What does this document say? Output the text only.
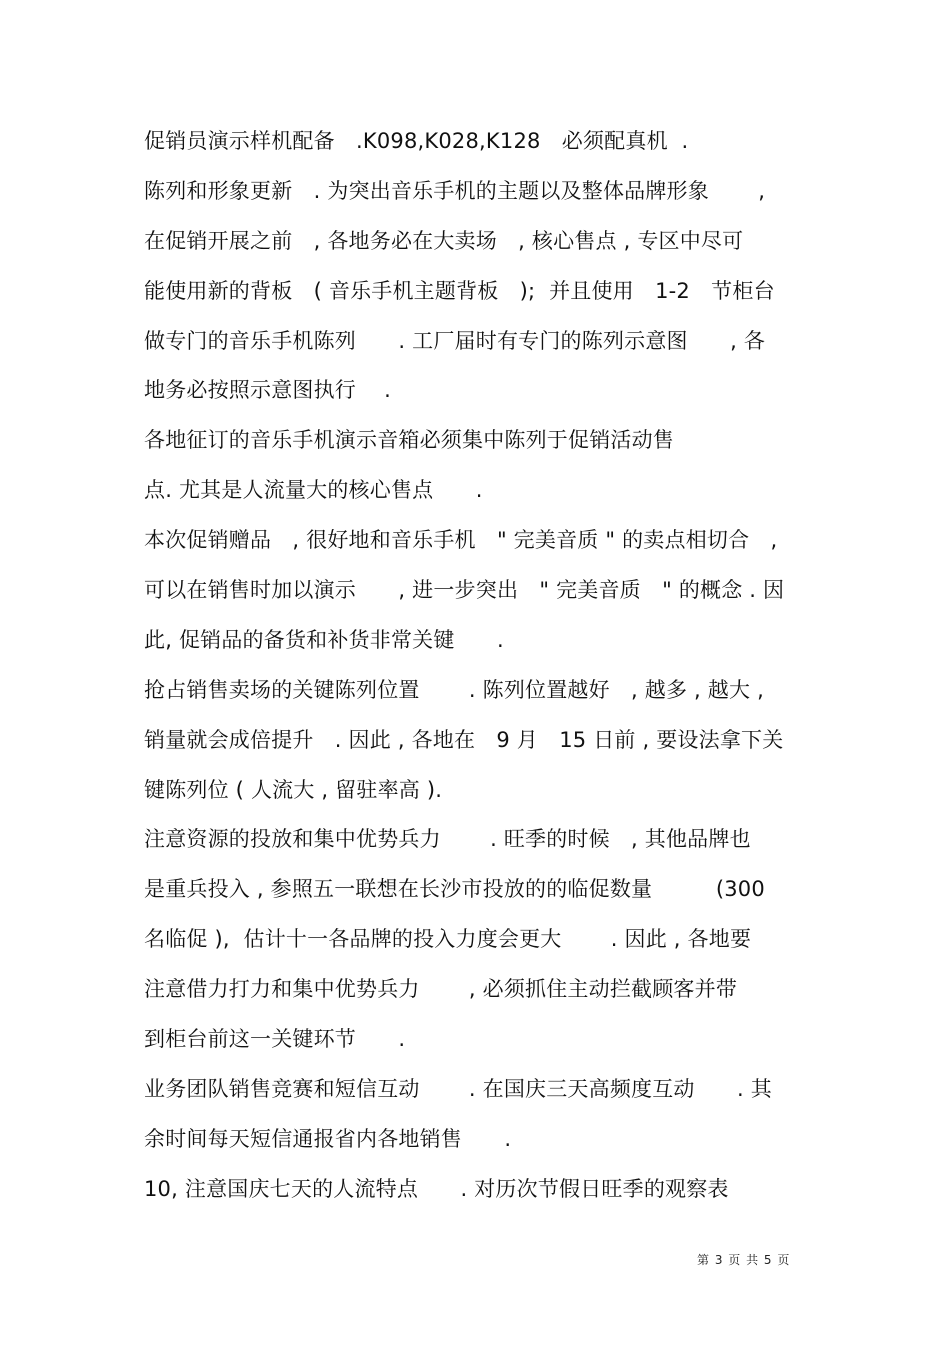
促销员演示样机配备　.K098,K028,K128　必须配真机  .
陈列和形象更新　. 为突出音乐手机的主题以及整体品牌形象　　 ,
在促销开展之前　, 各地务必在大卖场　, 核心售点 , 专区中尽可
能使用新的背板　( 音乐手机主题背板　);  并且使用　1-2　节柜台
做专门的音乐手机陈列　　. 工厂届时有专门的陈列示意图　　, 各
地务必按照示意图执行　 .
各地征订的音乐手机演示音箱必须集中陈列于促销活动售
点. 尤其是人流量大的核心售点　　.
本次促销赠品　, 很好地和音乐手机　" 完美音质 " 的卖点相切合　,
可以在销售时加以演示　　, 进一步突出　" 完美音质　" 的概念 . 因
此, 促销品的备货和补货非常关键　　.
抢占销售卖场的关键陈列位置　　 . 陈列位置越好　, 越多 , 越大 ,
销量就会成倍提升　. 因此 , 各地在　9 月　15 日前 , 要设法拿下关
键陈列位 ( 人流大 , 留驻率高 ).
注意资源的投放和集中优势兵力　　 . 旺季的时候　, 其他品牌也
是重兵投入 , 参照五一联想在长沙市投放的的临促数量　　　(300
名临促 ),  估计十一各品牌的投入力度会更大　　 . 因此 , 各地要
注意借力打力和集中优势兵力　　 , 必须抓住主动拦截顾客并带
到柜台前这一关键环节　　.
业务团队销售竞赛和短信互动　　 . 在国庆三天高频度互动　　. 其
余时间每天短信通报省内各地销售　　.
10, 注意国庆七天的人流特点　　. 对历次节假日旺季的观察表
第 3 页 共 5 页
